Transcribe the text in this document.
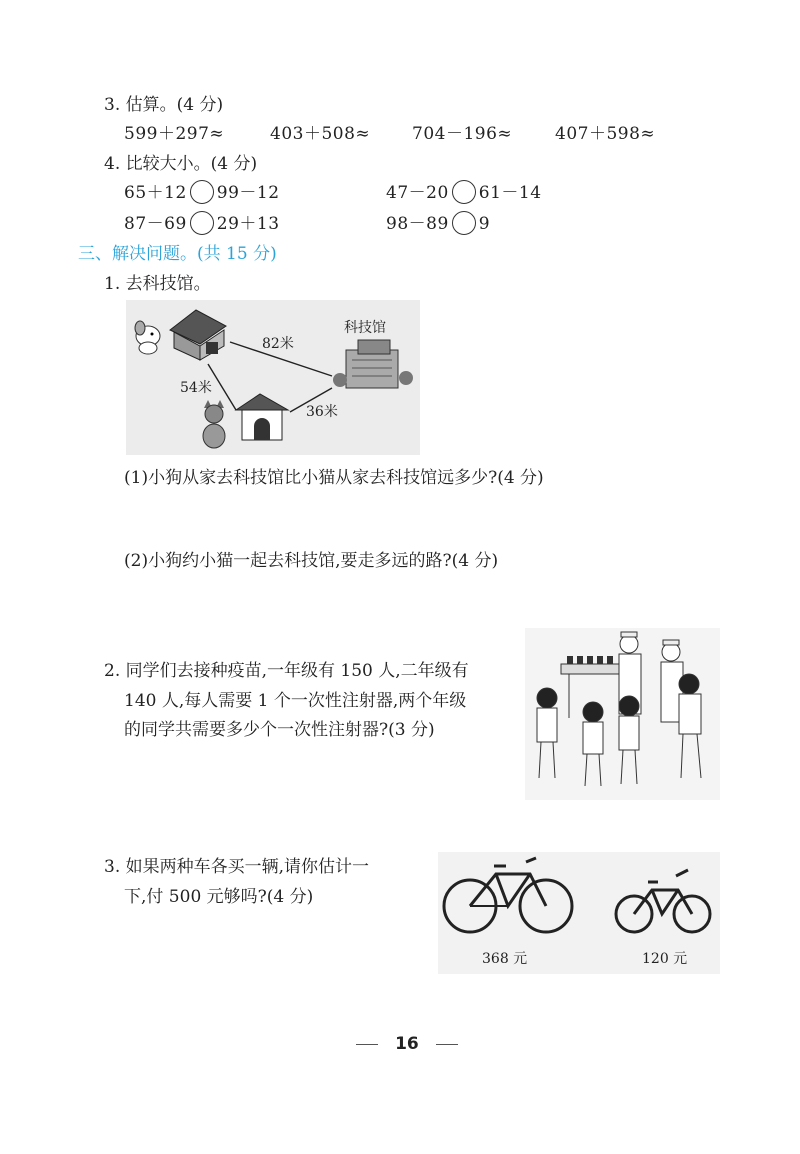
3. 估算。(4 分)
599＋297≈	403＋508≈ 704－196≈	407＋598≈
4. 比较大小。(4 分)
65＋12 99－12	47－20 61－14
87－69 29＋13	98－89 9
三、解决问题。(共 15 分)
1. 去科技馆。
科技馆
82米
54米
36米
(1)小狗从家去科技馆比小猫从家去科技馆远多少?(4 分)
(2)小狗约小猫一起去科技馆,要走多远的路?(4 分)
2. 同学们去接种疫苗,一年级有 150 人,二年级有
140 人,每人需要 1 个一次性注射器,两个年级
的同学共需要多少个一次性注射器?(3 分)
3. 如果两种车各买一辆,请你估计一
下,付 500 元够吗?(4 分)
368 元	120 元
16
